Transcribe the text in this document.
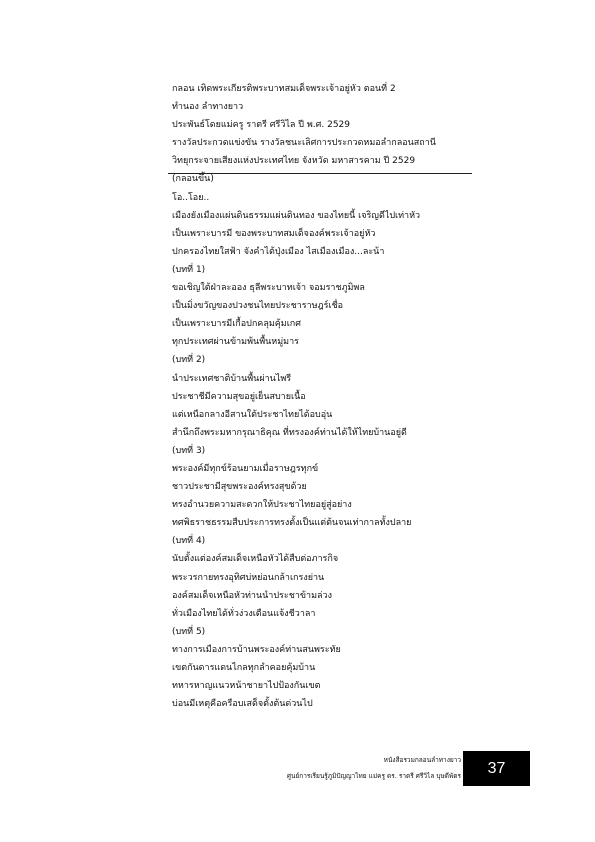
กลอน เทิดพระเกียรติพระบาทสมเด็จพระเจ้าอยู่หัว ตอนที่ 2
ทำนอง ลำทางยาว
ประพันธ์โดยแม่ครู ราตรี ศรีวิไล ปี พ.ศ. 2529
รางวัลประกวดแข่งขัน รางวัลชนะเลิศการประกวดหมอลำกลอนสถานี
วิทยุกระจายเสียงแห่งประเทศไทย จังหวัด มหาสารคาม ปี 2529
(กลอนขึ้น)
โอ..โอย..
เมืองยังเมืองแผ่นดินธรรมแผ่นดินทอง ของไทยนี้ เจริญดีไปเท่าหัว
เป็นเพราะบารมี ของพระบาทสมเด็จองค์พระเจ้าอยู่หัว
ปกครองไทยใสฟ้า จังคำไต้ปุ่งเมือง ไสเมืองเมือง...ละน้า
(บทที่ 1)
ขอเชิญใต้ฝ่าละออง ธุลีพระบาทเจ้า จอมราชภูมิพล
เป็นมิ่งขวัญของปวงชนไทยประชาราษฎร์เชื่อ
เป็นเพราะบารมีเกื้อปกคลุมคุ้มเกศ
ทุกประเทศผ่านข้ามพ้นพื้นหมู่มาร
(บทที่ 2)
นำประเทศชาติบ้านพื้นผ่านไพรี
ประชาชีมีความสุขอยู่เย็นสบายเนื้อ
แต่เหนือกลางอีสานใต้ประชาไทยได้อบอุ่น
สำนึกถึงพระมหากรุณาธิคุณ ที่ทรงองค์ท่านได้ให้ไทยบ้านอยู่ดี
(บทที่ 3)
พระองค์มีทุกข์ร้อนยามเมื่อราษฎรทุกข์
ชาวประชามีสุขพระองค์ทรงสุขด้วย
ทรงอำนวยความสะดวกให้ประชาไทยอยู่สู่อย่าง
ทศพิธราชธรรมสืบประการทรงตั้งเป็นแต่ต้นจนเท่ากาลทั้งปลาย
(บทที่ 4)
นับตั้งแต่องค์สมเด็จเหนือหัวได้สืบต่อภารกิจ
พระวรกายทรงอุทิศบ่หย่อนกล้าเกรงย่าน
องค์สมเด็จเหนือหัวท่านนำประชาข้ามล่วง
ทั่วเมืองไทยได้ทั่วง่วงเตือนแจ้งชีวาลา
(บทที่ 5)
ทางการเมืองการบ้านพระองค์ท่านสนพระทัย
เขตกันดารแดนไกลทุกลำคอยคุ้มบ้าน
ทหารหาญแนวหน้าชายาไปป้องกันเขต
บ่อนมีเหตุคือครือบเสด็จตั้งต้นด่วนไป
หนังสือรวมกลอนลำทางยาว
ศูนย์การเรียนรู้ภูมิปัญญาไทย แม่ครู ดร. ราตรี ศรีวิไล บุษดีพัตร 37
